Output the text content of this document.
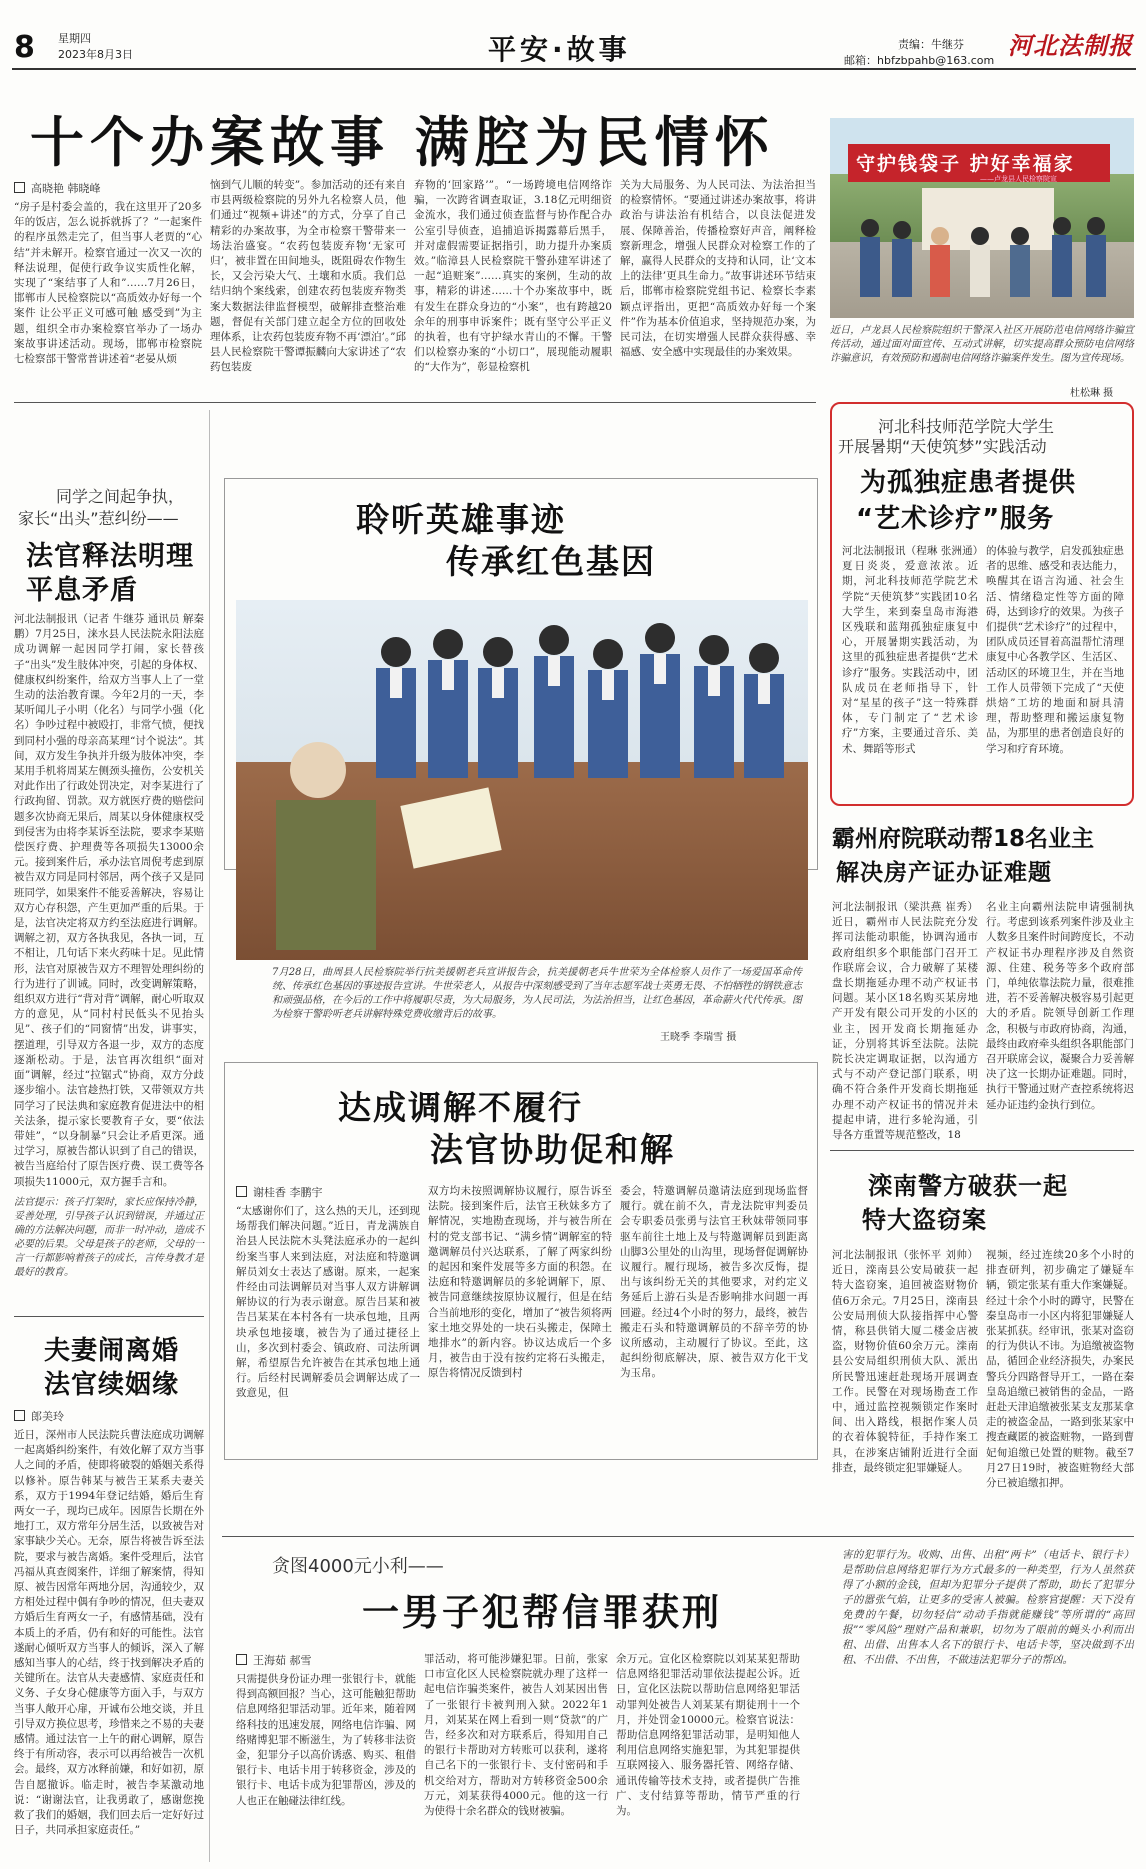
8 星期四
2023年8月3日	平安·故事	责编：牛继芬
邮箱：hbfzbpahb@163.com
河北法制报
十个办案故事 满腔为民情怀
高晓艳 韩晓峰
“房子是村委会盖的，我在这里开了20多年的饭店，怎么说拆就拆了？”一起案件的程序虽然走完了，但当事人老贾的“心结”并未解开。检察官通过一次又一次的释法说理，促使行政争议实质性化解，实现了“案结事了人和”……7月26日，邯郸市人民检察院以“高质效办好每一个案件 让公平正义可感可触 感受到”为主题，组织全市办案检察官举办了一场办案故事讲述活动。现场，邯郸市检察院七检察部干警常普讲述着“老晏从烦
恼到气儿顺的转变”。参加活动的还有来自市县两级检察院的另外九名检察人员，他们通过“视频+讲述”的方式，分享了自己精彩的办案故事，为全市检察干警带来一场法治盛宴。“农药包装废弃物‘无家可归’，被非置在田间地头，既阻碍农作物生长，又会污染大气、土壤和水质。我们总结归纳个案线索，创建农药包装废弃物类案大数据法律监督模型，破解排查整治难题，督促有关部门建立起全方位的回收处理体系，让农药包装废弃物不再‘漂泊’。”邱县人民检察院干警谭振麟向大家讲述了“农药包装废
弃物的‘回家路’”。“一场跨境电信网络诈骗，一次跨省调查取证，3.18亿元明细资金流水，我们通过侦查监督与协作配合办公室引导侦查，追捕追诉揭露幕后黑手，并对虚假需要证据指引，助力提升办案质效。”临漳县人民检察院干警孙建军讲述了一起“追赃案”……真实的案例，生动的故事，精彩的讲述……十个办案故事中，既有发生在群众身边的“小案”，也有跨越20余年的刑事申诉案件；既有坚守公平正义的执着，也有守护绿水青山的不懈。干警们以检察办案的“小切口”，展现能动履职的“大作为”，彰显检察机
关为大局服务、为人民司法、为法治担当的检察情怀。“要通过讲述办案故事，将讲政治与讲法治有机结合，以良法促进发展、保障善治，传播检察好声音，阐释检察新理念，增强人民群众对检察工作的了解，赢得人民群众的支持和认同，让‘文本上的法律’更具生命力。”故事讲述环节结束后，邯郸市检察院党组书记、检察长李素颖点评指出，更把“高质效办好每一个案件”作为基本价值追求，坚持规范办案，为民司法，在切实增强人民群众获得感、幸福感、安全感中实现最佳的办案效果。
守护钱袋子 护好幸福家
——卢龙县人民检察院宣
近日，卢龙县人民检察院组织干警深入社区开展防范电信网络诈骗宣传活动，通过面对面宣传、互动式讲解，切实提高群众预防电信网络诈骗意识，有效预防和遏制电信网络诈骗案件发生。图为宣传现场。
杜松琳 摄
河北科技师范学院大学生
开展暑期“天使筑梦”实践活动
为孤独症患者提供
“艺术诊疗”服务
河北法制报讯（程琳 张洲通）夏日炎炎，爱意浓浓。近期，河北科技师范学院艺术学院“天使筑梦”实践团10名大学生，来到秦皇岛市海港区残联和蓝翔孤独症康复中心，开展暑期实践活动，为这里的孤独症患者提供“艺术诊疗”服务。实践活动中，团队成员在老师指导下，针对“星星的孩子”这一特殊群体，专门制定了“艺术诊疗”方案，主要通过音乐、美术、舞蹈等形式
的体验与教学，启发孤独症患者的思维、感受和表达能力，唤醒其在语言沟通、社会生活、情绪稳定性等方面的障碍，达到诊疗的效果。为孩子们提供“艺术诊疗”的过程中，团队成员还冒着高温帮忙清理康复中心各教学区、生活区、活动区的环境卫生，并在当地工作人员带领下完成了“天使烘焙”工坊的地面和厨具清理，帮助整理和搬运康复物品，为那里的患者创造良好的学习和疗育环境。
同学之间起争执，
家长“出头”惹纠纷——
法官释法明理
平息矛盾
河北法制报讯（记者 牛继芬 通讯员 解秦鹏）7月25日，涞水县人民法院永阳法庭成功调解一起因同学打闹，家长替孩子“出头”发生肢体冲突，引起的身体权、健康权纠纷案件，给双方当事人上了一堂生动的法治教育课。今年2月的一天，李某听闻儿子小明（化名）与同学小强（化名）争吵过程中被殴打，非常气愤，便找到同村小强的母亲高某理“讨个说法”。其间，双方发生争执并升级为肢体冲突，李某用手机将周某左侧颈头撞伤，公安机关对此作出了行政处罚决定，对李某进行了行政拘留、罚款。双方就医疗费的赔偿问题多次协商无果后，周某以身体健康权受到侵害为由将李某诉至法院，要求李某赔偿医疗费、护理费等各项损失13000余元。接到案件后，承办法官周倪考虑到原被告双方同是同村邻居，两个孩子又是同班同学，如果案件不能妥善解决，容易让双方心存积怨，产生更加严重的后果。于是，法官决定将双方约至法庭进行调解。调解之初，双方各执我见，各执一词，互不相让，几句话下来火药味十足。见此情形，法官对原被告双方不理智处理纠纷的行为进行了训诫。同时，改变调解策略，组织双方进行“背对背”调解，耐心听取双方的意见，从“同村村民低头不见抬头见”、孩子们的“同窗情”出发，讲事实，摆道理，引导双方各退一步，双方的态度逐渐松动。于是，法官再次组织“面对面”调解，经过“拉锯式”协商，双方分歧逐步缩小。法官趁热打铁，又带领双方共同学习了民法典和家庭教育促进法中的相关法条，提示家长要教育子女，要“依法带娃”，“以身制暴”只会让矛盾更深。通过学习，原被告都认识到了自己的错误，被告当庭给付了原告医疗费、误工费等各项损失11000元，双方握手言和。
法官提示：孩子打架时，家长应保持冷静，妥善处理，引导孩子认识到错误，并通过正确的方法解决问题，而非一时冲动，造成不必要的后果。父母是孩子的老师，父母的一言一行都影响着孩子的成长，言传身教才是最好的教育。
夫妻闹离婚
法官续姻缘
郎美玲
近日，深州市人民法院兵曹法庭成功调解一起离婚纠纷案件，有效化解了双方当事人之间的矛盾，使即将破裂的婚姻关系得以修补。原告韩某与被告王某系夫妻关系，双方于1994年登记结婚，婚后生育两女一子，现均已成年。因原告长期在外地打工，双方常年分居生活，以致被告对家事缺少关心。无奈，原告将被告诉至法院，要求与被告离婚。案件受理后，法官冯福从真查阅案件，详细了解案情，得知原、被告因常年两地分居，沟通较少，双方相处过程中偶有争吵的情况，但夫妻双方婚后生育两女一子，有感情基础，没有本质上的矛盾，仍有和好的可能性。法官遂耐心倾听双方当事人的倾诉，深入了解感知当事人的心结，终于找到解决矛盾的关键所在。法官从夫妻感情、家庭责任和义务、子女身心健康等方面入手，与双方当事人敞开心扉，开诚布公地交谈，并且引导双方换位思考，珍惜来之不易的夫妻感情。通过法官一上午的耐心调解，原告终于有所动容，表示可以再给被告一次机会。最终，双方冰释前嫌，和好如初，原告自愿撤诉。临走时，被告李某激动地说：“谢谢法官，让我勇敢了，感谢您挽救了我们的婚姻，我们回去后一定好好过日子，共同承担家庭责任。”
聆听英雄事迹
传承红色基因
7月28日，曲周县人民检察院举行抗美援朝老兵宣讲报告会，抗美援朝老兵牛世荣为全体检察人员作了一场爱国革命传统、传承红色基因的事迹报告宣讲。牛世荣老人，从报告中深刻感受到了当年志愿军战士英勇无畏、不怕牺牲的钢铁意志和顽强品格，在今后的工作中将履职尽责，为大局服务，为人民司法，为法治担当，让红色基因，革命薪火代代传承。图为检察干警聆听老兵讲解特殊党费收缴背后的故事。
王晓季 李瑞雪 摄
达成调解不履行
法官协助促和解
谢桂香 李鹏宇
“太感谢你们了，这么热的天儿，还到现场帮我们解决问题。”近日，青龙满族自治县人民法院木头凳法庭承办的一起纠纷案当事人来到法庭，对法庭和特邀调解员刘女士表达了感谢。原来，一起案件经由司法调解员对当事人双方讲解调解协议的行为表示谢意。原告吕某和被告吕某某在本村各有一块承包地，且两块承包地接壤，被告为了通过捷径上山，多次到村委会、镇政府、司法所调解，希望原告允许被告在其承包地上通行。后经村民调解委员会调解达成了一致意见，但
双方均未按照调解协议履行，原告诉至法院。接到案件后，法官王秋妹多方了解情况，实地勘查现场，并与被告所在村的党支部书记、“满乡情”调解室的特邀调解员付兴达联系，了解了两家纠纷的起因和案件发展等多方面的积怨。在法庭和特邀调解员的多轮调解下，原、被告同意继续按原协议履行，但是在结合当前地形的变化，增加了“被告须将两家土地交界处的一块石头搬走，保障土地排水”的新内容。协议达成后一个多月，被告由于没有按约定将石头搬走，原告将情况反馈到村
委会，特邀调解员邀请法庭到现场监督履行。就在前不久，青龙法院审判委员会专职委员张勇与法官王秋妹带领同事驱车前往土地上及与特邀调解员到距离山脚3公里处的山沟里，现场督促调解协议履行。履行现场，被告多次反悔，提出与该纠纷无关的其他要求，对约定义务延后上游石头是否影响排水问题一再回避。经过4个小时的努力，最终，被告搬走石头和特邀调解员的不辞辛劳的协议所感动，主动履行了协议。至此，这起纠纷彻底解决，原、被告双方化干戈为玉帛。
霸州府院联动帮18名业主
解决房产证办证难题
河北法制报讯（梁洪燕 崔秀）近日，霸州市人民法院充分发挥司法能动职能，协调沟通市政府组织多个职能部门召开工作联席会议，合力破解了某楼盘长期拖延办理不动产权证书问题。某小区18名购买某房地产开发有限公司开发的小区的业主，因开发商长期拖延办证，分别将其诉至法院。法院院长决定调取证据，以沟通方式与不动产登记部门联系，明确不符合条件开发商长期拖延办理不动产权证书的情况并未提起申请，进行多轮沟通，引导各方重置等规范整改，18
名业主向霸州法院申请强制执行。考虑到该系列案件涉及业主人数多且案件时间跨度长，不动产权证书办理程序涉及自然资源、住建、税务等多个政府部门，单纯依靠法院力量，很难推进，若不妥善解决极容易引起更大的矛盾。院领导创新工作理念，积极与市政府协商，沟通，最终由政府牵头组织各职能部门召开联席会议，凝聚合力妥善解决了这一长期办证难题。同时，执行干警通过财产查控系统将迟延办证违约金执行到位。
滦南警方破获一起
特大盗窃案
河北法制报讯（张怀平 刘帅）近日，滦南县公安局破获一起特大盗窃案，追回被盗财物价值6万余元。7月25日，滦南县公安局刑侦大队接指挥中心警情，称县供销大厦二楼金店被盗，财物价值60余万元。滦南县公安局组织刑侦大队、派出所民警迅速赶赴现场开展调查工作。民警在对现场勘查工作中，通过监控视频锁定作案时间、出入路线，根据作案人员的衣着体貌特征，手持作案工具，在涉案店铺附近进行全面排查，最终锁定犯罪嫌疑人。
视频，经过连续20多个小时的排查研判，初步确定了嫌疑车辆，锁定张某有重大作案嫌疑。经过十余个小时的蹲守，民警在秦皇岛市一小区内将犯罪嫌疑人张某抓获。经审讯，张某对盗窃的行为供认不讳。为追缴被盗物品，循回企业经济损失，办案民警兵分四路督导开工，一路在秦皇岛追缴已被销售的金品，一路赶赴天津追缴被张某支友那某拿走的被盗金品，一路到张某家中搜查藏匿的被盗赃物，一路到曹妃甸追缴已处置的赃物。截至7月27日19时，被盗赃物经大部分已被追缴扣押。
贪图4000元小利——
一男子犯帮信罪获刑
王海茹 郝雪
只需提供身份证办理一张银行卡，就能得到高额回报？当心，这可能触犯帮助信息网络犯罪活动罪。近年来，随着网络科技的迅速发展，网络电信诈骗、网络赌博犯罪不断滋生，为了转移非法资金，犯罪分子以高价诱惑、购买、租借银行卡、电话卡用于转移资金，涉及的银行卡、电话卡成为犯罪帮凶，涉及的人也正在触碰法律红线。
罪活动，将可能涉嫌犯罪。日前，张家口市宣化区人民检察院就办理了这样一起电信诈骗类案件，被告人刘某因出售了一张银行卡被判刑入狱。2022年1月，刘某某在网上看到一则“贷款”的广告，经多次和对方联系后，得知用自己的银行卡帮助对方转账可以获利，遂将自己名下的一张银行卡、支付密码和手机交给对方，帮助对方转移资金500余万元，刘某获得4000元。他的这一行为使得十余名群众的钱财被骗。
余万元。宣化区检察院以刘某某犯帮助信息网络犯罪活动罪依法提起公诉。近日，宣化区法院以帮助信息网络犯罪活动罪判处被告人刘某某有期徒刑十一个月，并处罚金10000元。检察官说法：帮助信息网络犯罪活动罪，是明知他人利用信息网络实施犯罪，为其犯罪提供互联网接入、服务器托管、网络存储、通讯传输等技术支持，或者提供广告推广、支付结算等帮助，情节严重的行为。
害的犯罪行为。收购、出售、出租“两卡”（电话卡、银行卡）是帮助信息网络犯罪行为方式最多的一种类型，行为人虽然获得了小额的金钱，但却为犯罪分子提供了帮助，助长了犯罪分子的嚣张气焰，让更多的受害人被骗。检察官提醒：天下没有免费的午餐，切勿轻信“动动手指就能赚钱”等所谓的“高回报”“零风险”理财产品和兼职，切勿为了眼前的蝇头小利而出租、出借、出售本人名下的银行卡、电话卡等，坚决做到不出租、不出借、不出售，不做违法犯罪分子的帮凶。
